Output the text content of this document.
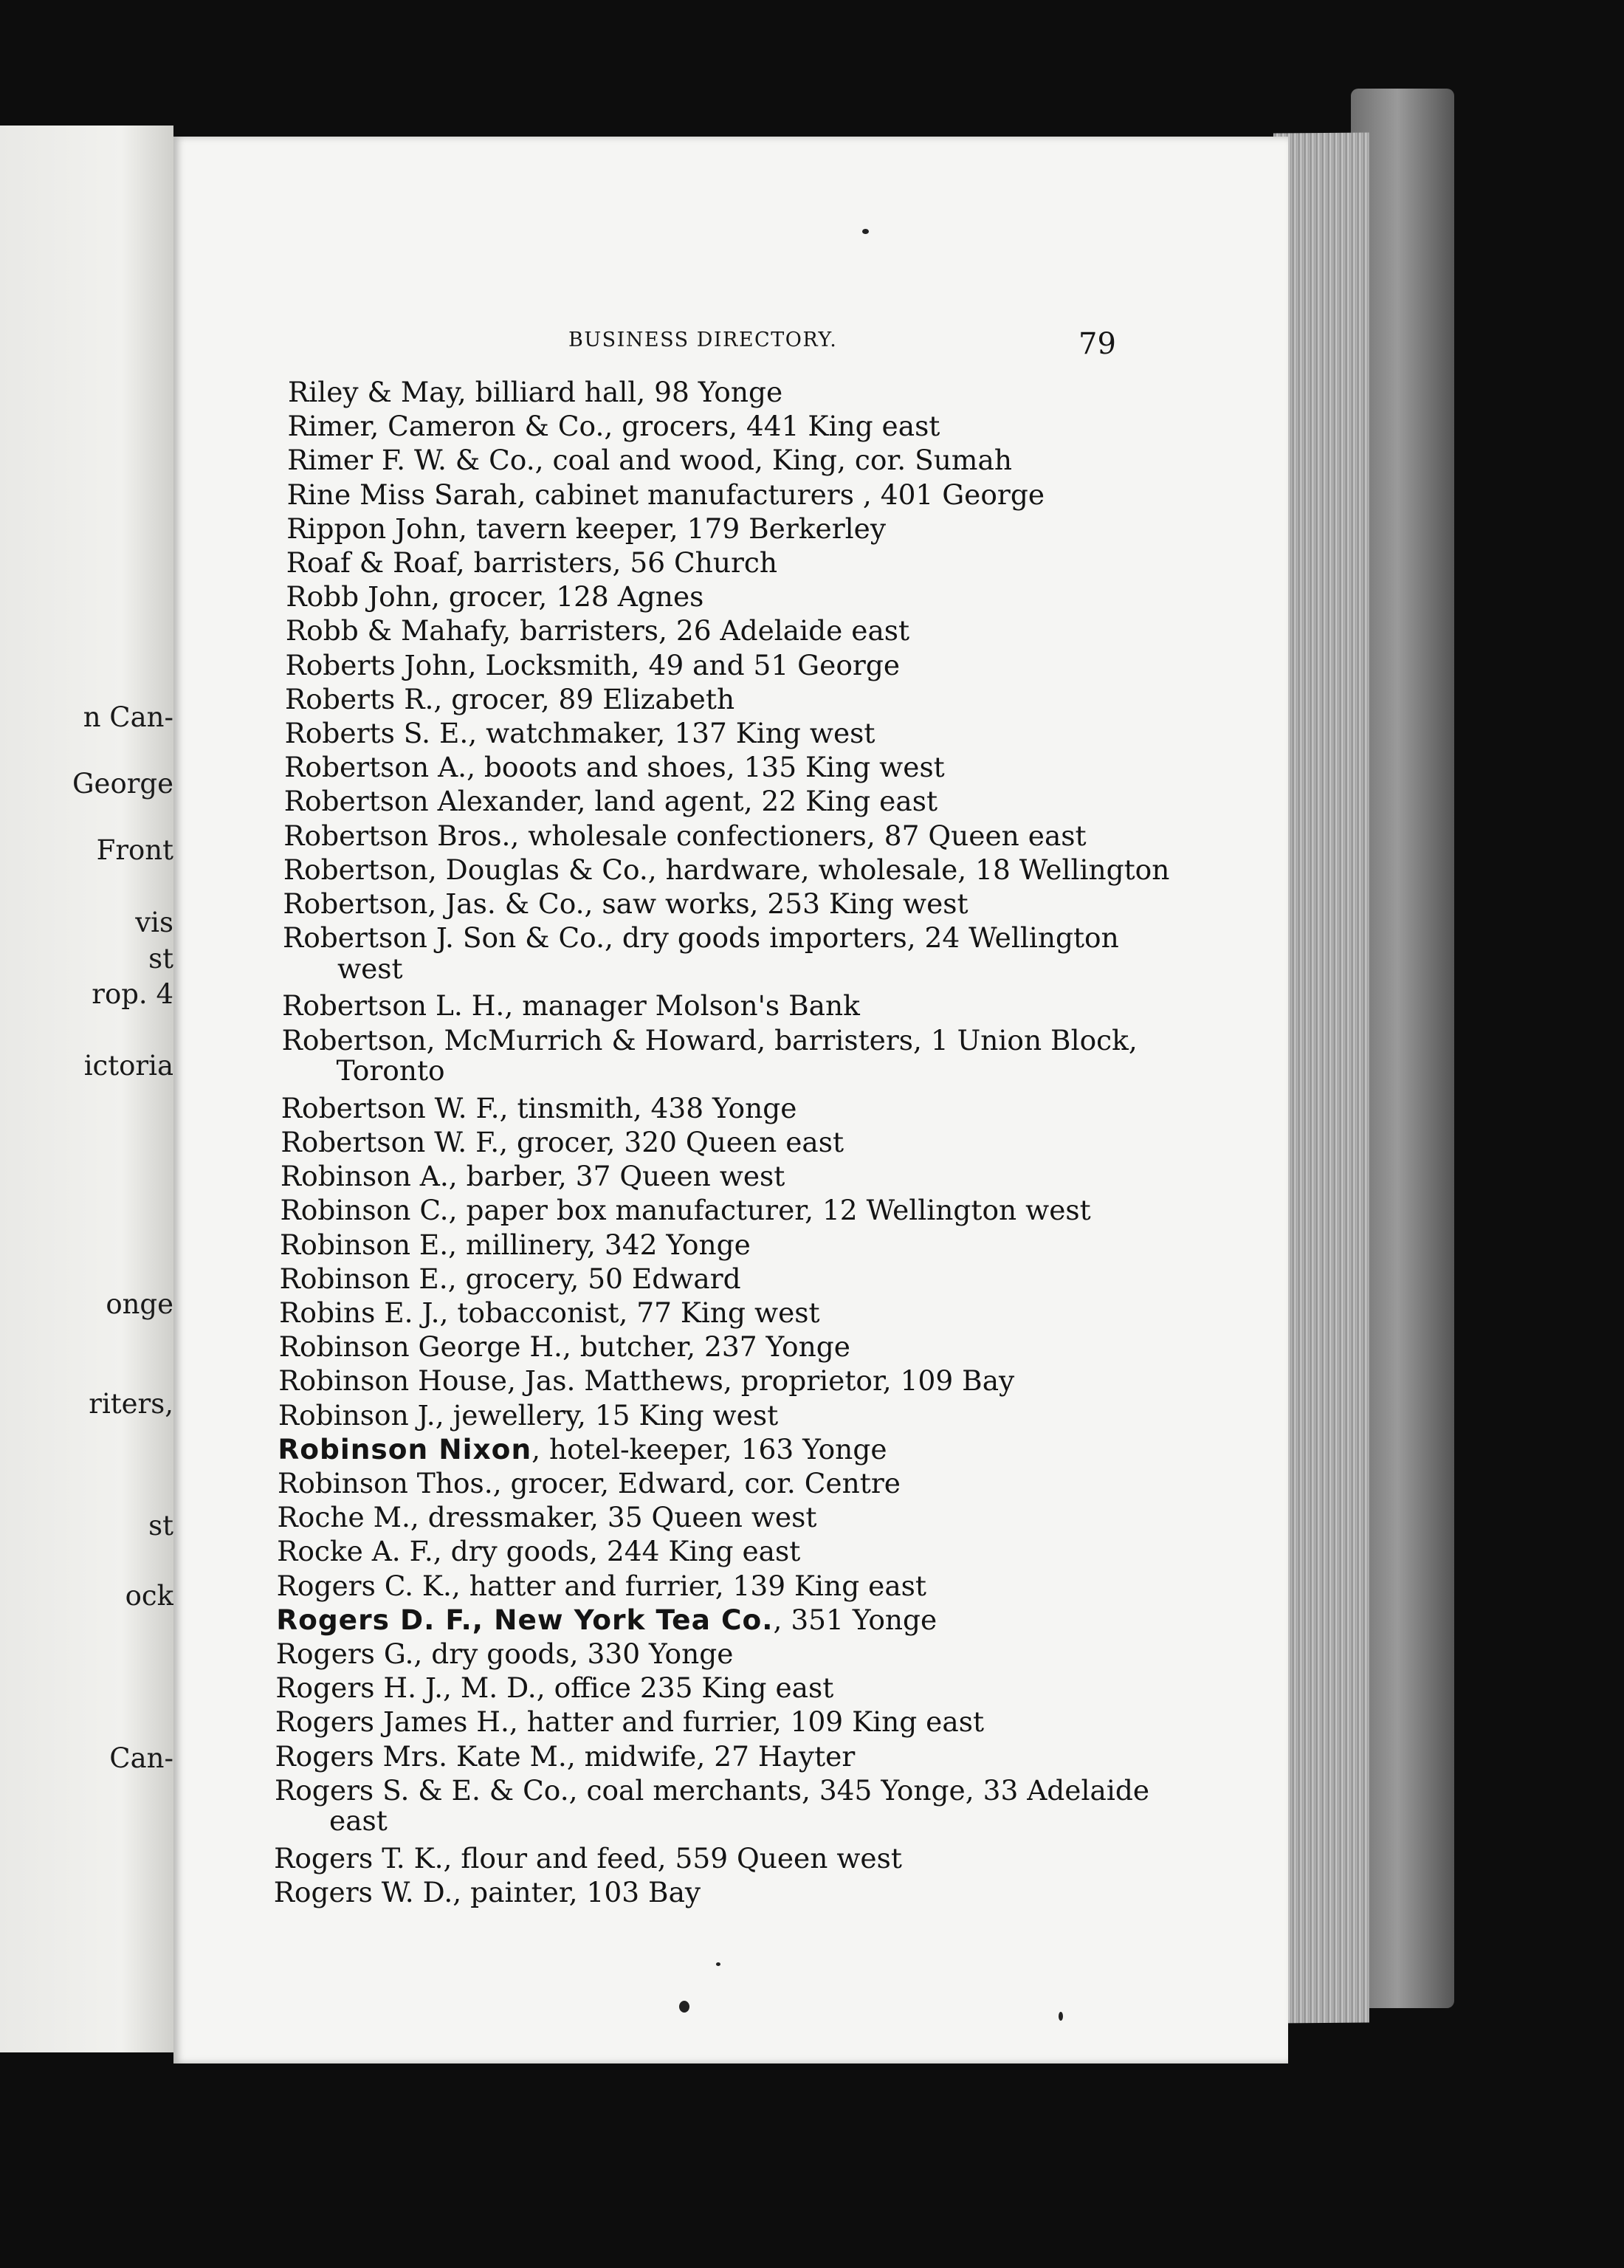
n Can-
George
Front
vis
st
rop. 4
ictoria
onge
riters,
st
ock
Can-
BUSINESS DIRECTORY.	79
Riley & May, billiard hall, 98 Yonge
Rimer, Cameron & Co., grocers, 441 King east
Rimer F. W. & Co., coal and wood, King, cor. Sumah
Rine Miss Sarah, cabinet manufacturers , 401 George
Rippon John, tavern keeper, 179 Berkerley
Roaf & Roaf, barristers, 56 Church
Robb John, grocer, 128 Agnes
Robb & Mahafy, barristers, 26 Adelaide east
Roberts John, Locksmith, 49 and 51 George
Roberts R., grocer, 89 Elizabeth
Roberts S. E., watchmaker, 137 King west
Robertson A., booots and shoes, 135 King west
Robertson Alexander, land agent, 22 King east
Robertson Bros., wholesale confectioners, 87 Queen east
Robertson, Douglas & Co., hardware, wholesale, 18 Wellington
Robertson, Jas. & Co., saw works, 253 King west
Robertson J. Son & Co., dry goods importers, 24 Wellington
west
Robertson L. H., manager Molson's Bank
Robertson, McMurrich & Howard, barristers, 1 Union Block,
Toronto
Robertson W. F., tinsmith, 438 Yonge
Robertson W. F., grocer, 320 Queen east
Robinson A., barber, 37 Queen west
Robinson C., paper box manufacturer, 12 Wellington west
Robinson E., millinery, 342 Yonge
Robinson E., grocery, 50 Edward
Robins E. J., tobacconist, 77 King west
Robinson George H., butcher, 237 Yonge
Robinson House, Jas. Matthews, proprietor, 109 Bay
Robinson J., jewellery, 15 King west
Robinson Nixon, hotel-keeper, 163 Yonge
Robinson Thos., grocer, Edward, cor. Centre
Roche M., dressmaker, 35 Queen west
Rocke A. F., dry goods, 244 King east
Rogers C. K., hatter and furrier, 139 King east
Rogers D. F., New York Tea Co., 351 Yonge
Rogers G., dry goods, 330 Yonge
Rogers H. J., M. D., office 235 King east
Rogers James H., hatter and furrier, 109 King east
Rogers Mrs. Kate M., midwife, 27 Hayter
Rogers S. & E. & Co., coal merchants, 345 Yonge, 33 Adelaide
east
Rogers T. K., flour and feed, 559 Queen west
Rogers W. D., painter, 103 Bay
